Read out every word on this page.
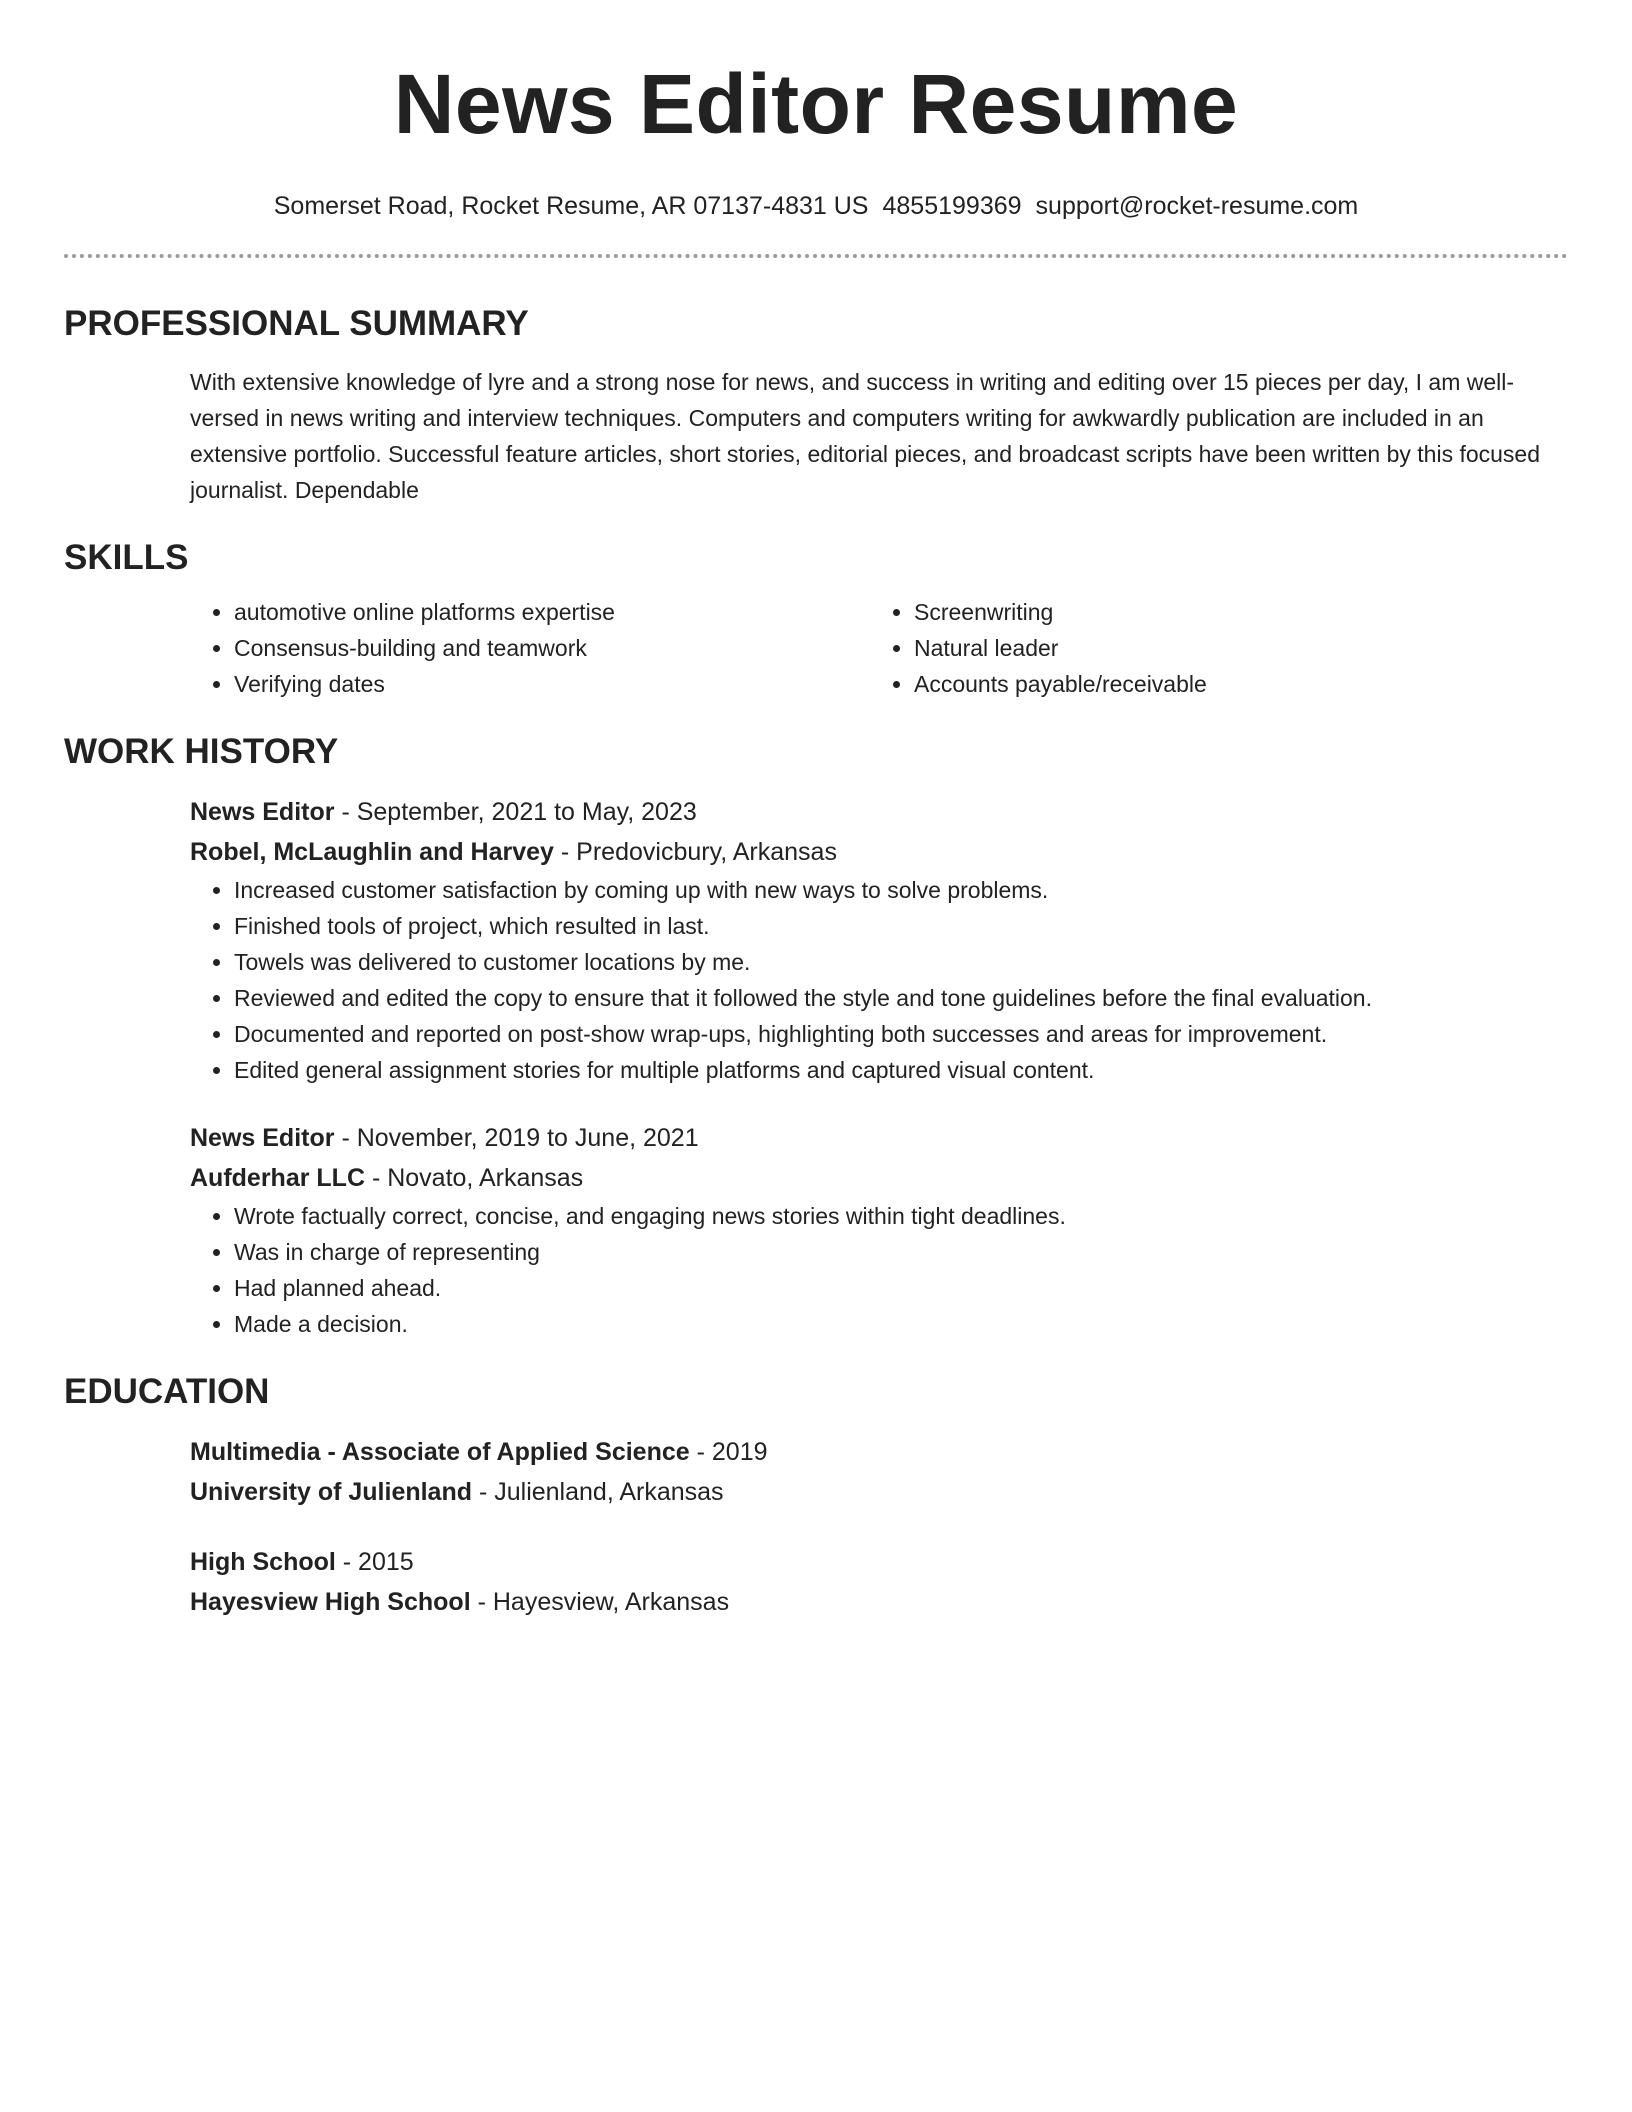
News Editor Resume
Somerset Road, Rocket Resume, AR 07137-4831 US 4855199369 support@rocket-resume.com
PROFESSIONAL SUMMARY
With extensive knowledge of lyre and a strong nose for news, and success in writing and editing over 15 pieces per day, I am well-versed in news writing and interview techniques. Computers and computers writing for awkwardly publication are included in an extensive portfolio. Successful feature articles, short stories, editorial pieces, and broadcast scripts have been written by this focused journalist. Dependable
SKILLS
• automotive online platforms expertise
• Consensus-building and teamwork
• Verifying dates
• Screenwriting
• Natural leader
• Accounts payable/receivable
WORK HISTORY
News Editor - September, 2021 to May, 2023
Robel, McLaughlin and Harvey - Predovicbury, Arkansas
• Increased customer satisfaction by coming up with new ways to solve problems.
• Finished tools of project, which resulted in last.
• Towels was delivered to customer locations by me.
• Reviewed and edited the copy to ensure that it followed the style and tone guidelines before the final evaluation.
• Documented and reported on post-show wrap-ups, highlighting both successes and areas for improvement.
• Edited general assignment stories for multiple platforms and captured visual content.
News Editor - November, 2019 to June, 2021
Aufderhar LLC - Novato, Arkansas
• Wrote factually correct, concise, and engaging news stories within tight deadlines.
• Was in charge of representing
• Had planned ahead.
• Made a decision.
EDUCATION
Multimedia - Associate of Applied Science - 2019
University of Julienland - Julienland, Arkansas
High School - 2015
Hayesview High School - Hayesview, Arkansas
